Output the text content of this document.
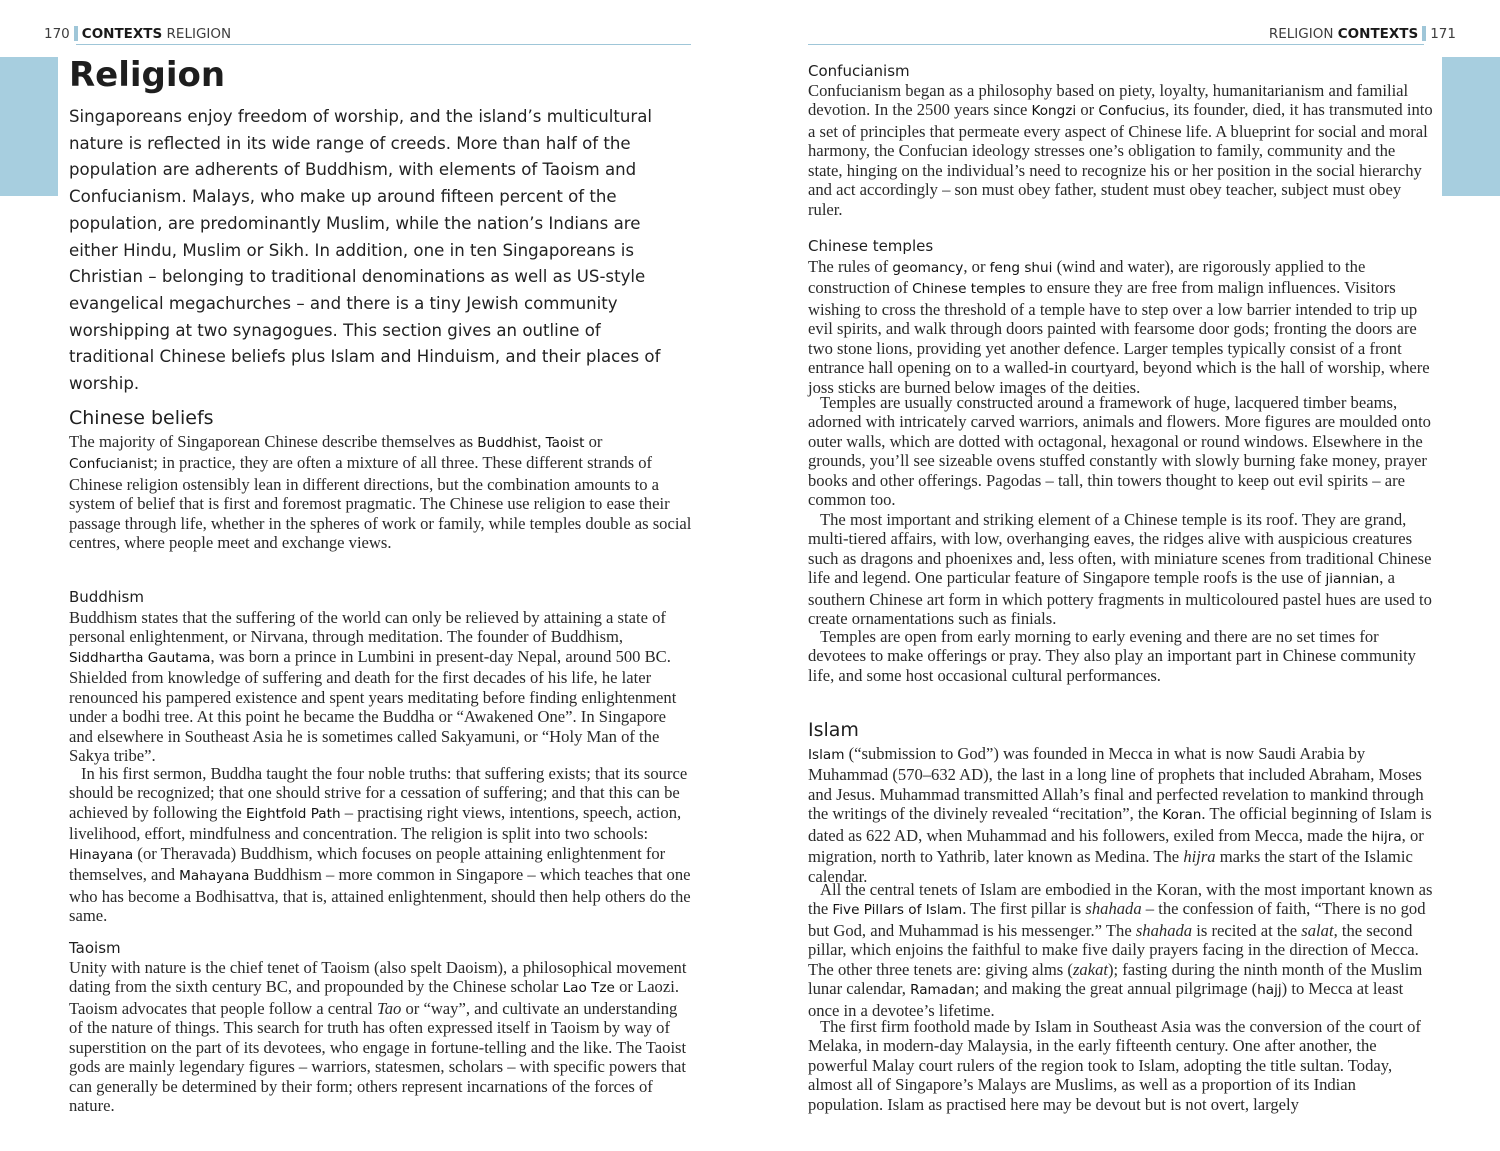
170 CONTEXTS RELIGION
Religion

Singaporeans enjoy freedom of worship, and the island’s multicultural nature is reflected in its wide range of creeds. More than half of the population are adherents of Buddhism, with elements of Taoism and Confucianism. Malays, who make up around fifteen percent of the population, are predominantly Muslim, while the nation’s Indians are either Hindu, Muslim or Sikh. In addition, one in ten Singaporeans is Christian – belonging to traditional denominations as well as US-style evangelical megachurches – and there is a tiny Jewish community worshipping at two synagogues. This section gives an outline of traditional Chinese beliefs plus Islam and Hinduism, and their places of worship.

Chinese beliefs

The majority of Singaporean Chinese describe themselves as Buddhist, Taoist or Confucianist; in practice, they are often a mixture of all three. These different strands of Chinese religion ostensibly lean in different directions, but the combination amounts to a system of belief that is first and foremost pragmatic. The Chinese use religion to ease their passage through life, whether in the spheres of work or family, while temples double as social centres, where people meet and exchange views.

Buddhism

Buddhism states that the suffering of the world can only be relieved by attaining a state of personal enlightenment, or Nirvana, through meditation. The founder of Buddhism, Siddhartha Gautama, was born a prince in Lumbini in present-day Nepal, around 500 BC. Shielded from knowledge of suffering and death for the first decades of his life, he later renounced his pampered existence and spent years meditating before finding enlightenment under a bodhi tree. At this point he became the Buddha or “Awakened One”. In Singapore and elsewhere in Southeast Asia he is sometimes called Sakyamuni, or “Holy Man of the Sakya tribe”.

In his first sermon, Buddha taught the four noble truths: that suffering exists; that its source should be recognized; that one should strive for a cessation of suffering; and that this can be achieved by following the Eightfold Path – practising right views, intentions, speech, action, livelihood, effort, mindfulness and concentration. The religion is split into two schools: Hinayana (or Theravada) Buddhism, which focuses on people attaining enlightenment for themselves, and Mahayana Buddhism – more common in Singapore – which teaches that one who has become a Bodhisattva, that is, attained enlightenment, should then help others do the same.

Taoism

Unity with nature is the chief tenet of Taoism (also spelt Daoism), a philosophical movement dating from the sixth century BC, and propounded by the Chinese scholar Lao Tze or Laozi. Taoism advocates that people follow a central Tao or “way”, and cultivate an understanding of the nature of things. This search for truth has often expressed itself in Taoism by way of superstition on the part of its devotees, who engage in fortune-telling and the like. The Taoist gods are mainly legendary figures – warriors, statesmen, scholars – with specific powers that can generally be determined by their form; others represent incarnations of the forces of nature.

RELIGION CONTEXTS 171
Confucianism

Confucianism began as a philosophy based on piety, loyalty, humanitarianism and familial devotion. In the 2500 years since Kongzi or Confucius, its founder, died, it has transmuted into a set of principles that permeate every aspect of Chinese life. A blueprint for social and moral harmony, the Confucian ideology stresses one’s obligation to family, community and the state, hinging on the individual’s need to recognize his or her position in the social hierarchy and act accordingly – son must obey father, student must obey teacher, subject must obey ruler.

Chinese temples

The rules of geomancy, or feng shui (wind and water), are rigorously applied to the construction of Chinese temples to ensure they are free from malign influences. Visitors wishing to cross the threshold of a temple have to step over a low barrier intended to trip up evil spirits, and walk through doors painted with fearsome door gods; fronting the doors are two stone lions, providing yet another defence. Larger temples typically consist of a front entrance hall opening on to a walled-in courtyard, beyond which is the hall of worship, where joss sticks are burned below images of the deities.

Temples are usually constructed around a framework of huge, lacquered timber beams, adorned with intricately carved warriors, animals and flowers. More figures are moulded onto outer walls, which are dotted with octagonal, hexagonal or round windows. Elsewhere in the grounds, you’ll see sizeable ovens stuffed constantly with slowly burning fake money, prayer books and other offerings. Pagodas – tall, thin towers thought to keep out evil spirits – are common too.

The most important and striking element of a Chinese temple is its roof. They are grand, multi-tiered affairs, with low, overhanging eaves, the ridges alive with auspicious creatures such as dragons and phoenixes and, less often, with miniature scenes from traditional Chinese life and legend. One particular feature of Singapore temple roofs is the use of jiannian, a southern Chinese art form in which pottery fragments in multicoloured pastel hues are used to create ornamentations such as finials.

Temples are open from early morning to early evening and there are no set times for devotees to make offerings or pray. They also play an important part in Chinese community life, and some host occasional cultural performances.

Islam

Islam (“submission to God”) was founded in Mecca in what is now Saudi Arabia by Muhammad (570–632 AD), the last in a long line of prophets that included Abraham, Moses and Jesus. Muhammad transmitted Allah’s final and perfected revelation to mankind through the writings of the divinely revealed “recitation”, the Koran. The official beginning of Islam is dated as 622 AD, when Muhammad and his followers, exiled from Mecca, made the hijra, or migration, north to Yathrib, later known as Medina. The hijra marks the start of the Islamic calendar.

All the central tenets of Islam are embodied in the Koran, with the most important known as the Five Pillars of Islam. The first pillar is shahada – the confession of faith, “There is no god but God, and Muhammad is his messenger.” The shahada is recited at the salat, the second pillar, which enjoins the faithful to make five daily prayers facing in the direction of Mecca. The other three tenets are: giving alms (zakat); fasting during the ninth month of the Muslim lunar calendar, Ramadan; and making the great annual pilgrimage (hajj) to Mecca at least once in a devotee’s lifetime.

The first firm foothold made by Islam in Southeast Asia was the conversion of the court of Melaka, in modern-day Malaysia, in the early fifteenth century. One after another, the powerful Malay court rulers of the region took to Islam, adopting the title sultan. Today, almost all of Singapore’s Malays are Muslims, as well as a proportion of its Indian population. Islam as practised here may be devout but is not overt, largely
